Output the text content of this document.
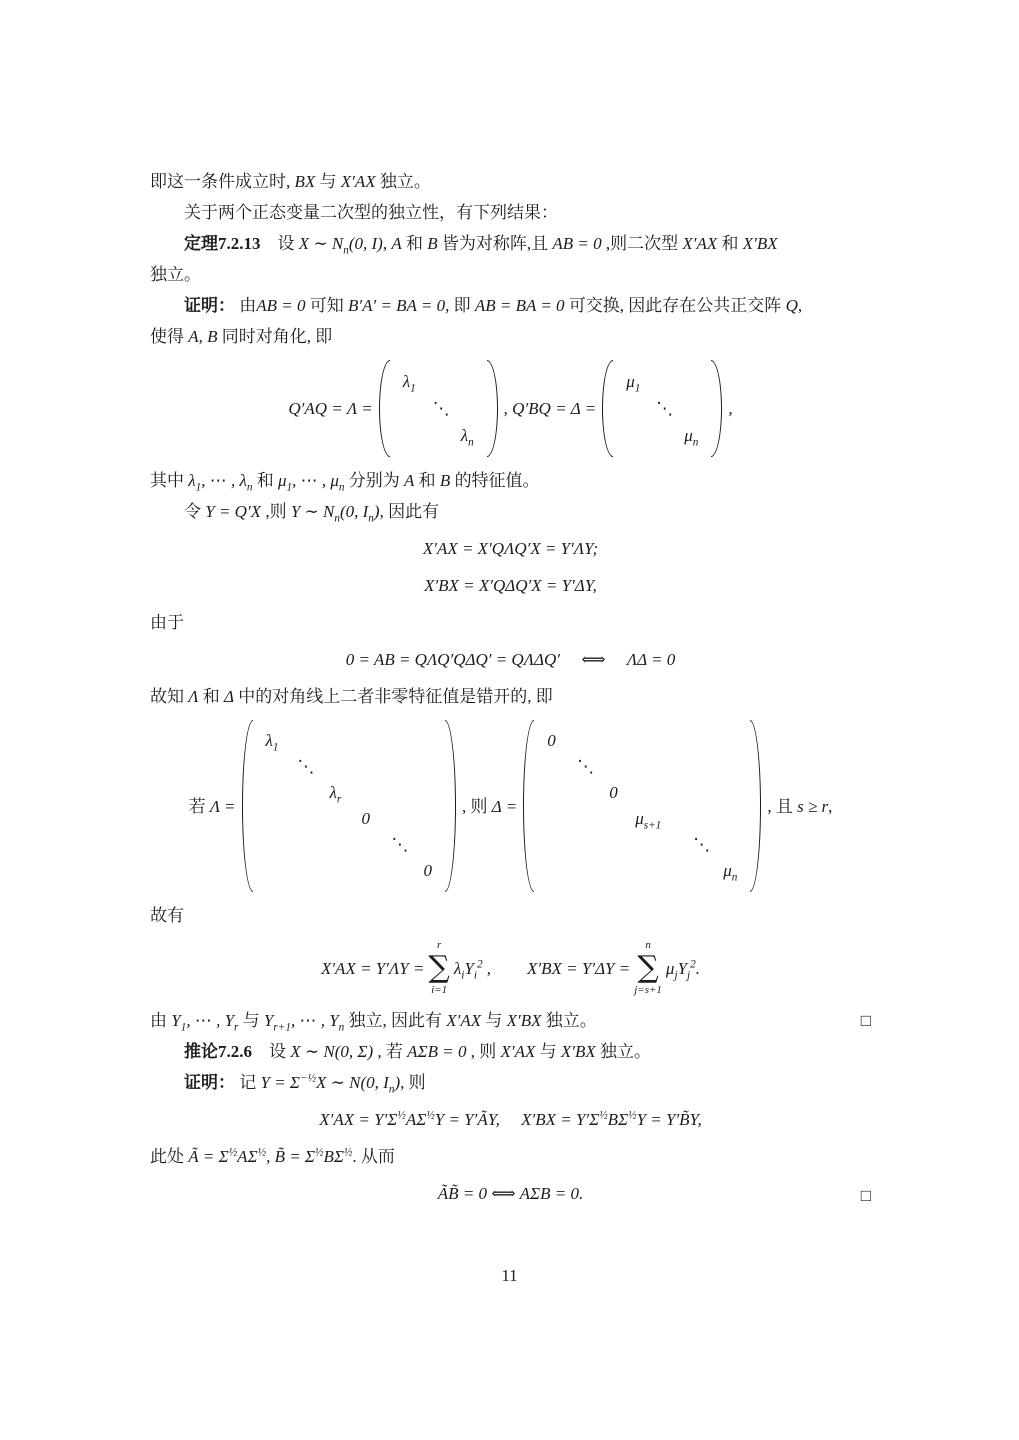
即这一条件成立时, BX 与 X′AX 独立。

关于两个正态变量二次型的独立性，有下列结果：

定理7.2.13　设 X ∼ $N_n(0$, I), A 和 B 皆为对称阵,且 AB = 0 ,则二次型 X′AX 和 X′BX

独立。

证明： 由AB = 0 可知 B′A′ = BA = 0, 即 AB = BA = 0 可交换, 因此存在公共正交阵 Q,

使得 A, B 同时对角化, 即

Q′AQ = Λ =
$\lambda_1$
⋱
$\lambda_n$
, Q′BQ = Δ =
$\mu_1$
⋱
$\mu_n$
,

其中 $\lambda_1$, ⋯ , $\lambda_n$ 和 $\mu_1$, ⋯ , $\mu_n$ 分别为 A 和 B 的特征值。

令 Y = Q′X ,则 Y ∼ $N_n(0$, $I_n$), 因此有

X′AX = X′QΛQ′X = Y′ΛY;
X′BX = X′QΔQ′X = Y′ΔY,

由于

0 = AB = QΛQ′QΔQ′ = QΛΔQ′　 ⟺ 　ΛΔ = 0

故知 Λ 和 Δ 中的对角线上二者非零特征值是错开的, 即

若 Λ =
$\lambda_1$
⋱
$\lambda_r$
0
⋱
0
, 则 Δ =
0
⋱
0
$\mu_{s+1}$
⋱
$\mu_n$
, 且 s ≥ r,

故有

X′AX = Y′ΛY =
r
∑
i=1
$\lambda_iY_i^2$ , X′BX = Y′ΔY =
n
∑
j=s+1
$\mu_jY_j^2$.

由 $Y_1$, ⋯ , $Y_r$ 与 $Y_{r+1}$, ⋯ , $Y_n$ 独立, 因此有 X′AX 与 X′BX 独立。	□

推论7.2.6　设 X ∼ N(0, Σ) , 若 AΣB = 0 , 则 X′AX 与 X′BX 独立。

证明： 记 $Y = \Sigma^{-\frac{1}{2}}X$ ∼ N(0, $I_n$), 则

$X'AX = Y'\Sigma^{\frac{1}{2}}A\Sigma^{\frac{1}{2}}Y$ = Y′ÃY,　 $X'BX = Y'\Sigma^{\frac{1}{2}}B\Sigma^{\frac{1}{2}}Y$ = Y′B̃Y,

此处 Ã = $\Sigma^{\frac{1}{2}}A\Sigma^{\frac{1}{2}}$, B̃ = $\Sigma^{\frac{1}{2}}B\Sigma^{\frac{1}{2}}$. 从而

ÃB̃ = 0 ⟺ AΣB = 0.	□
11
